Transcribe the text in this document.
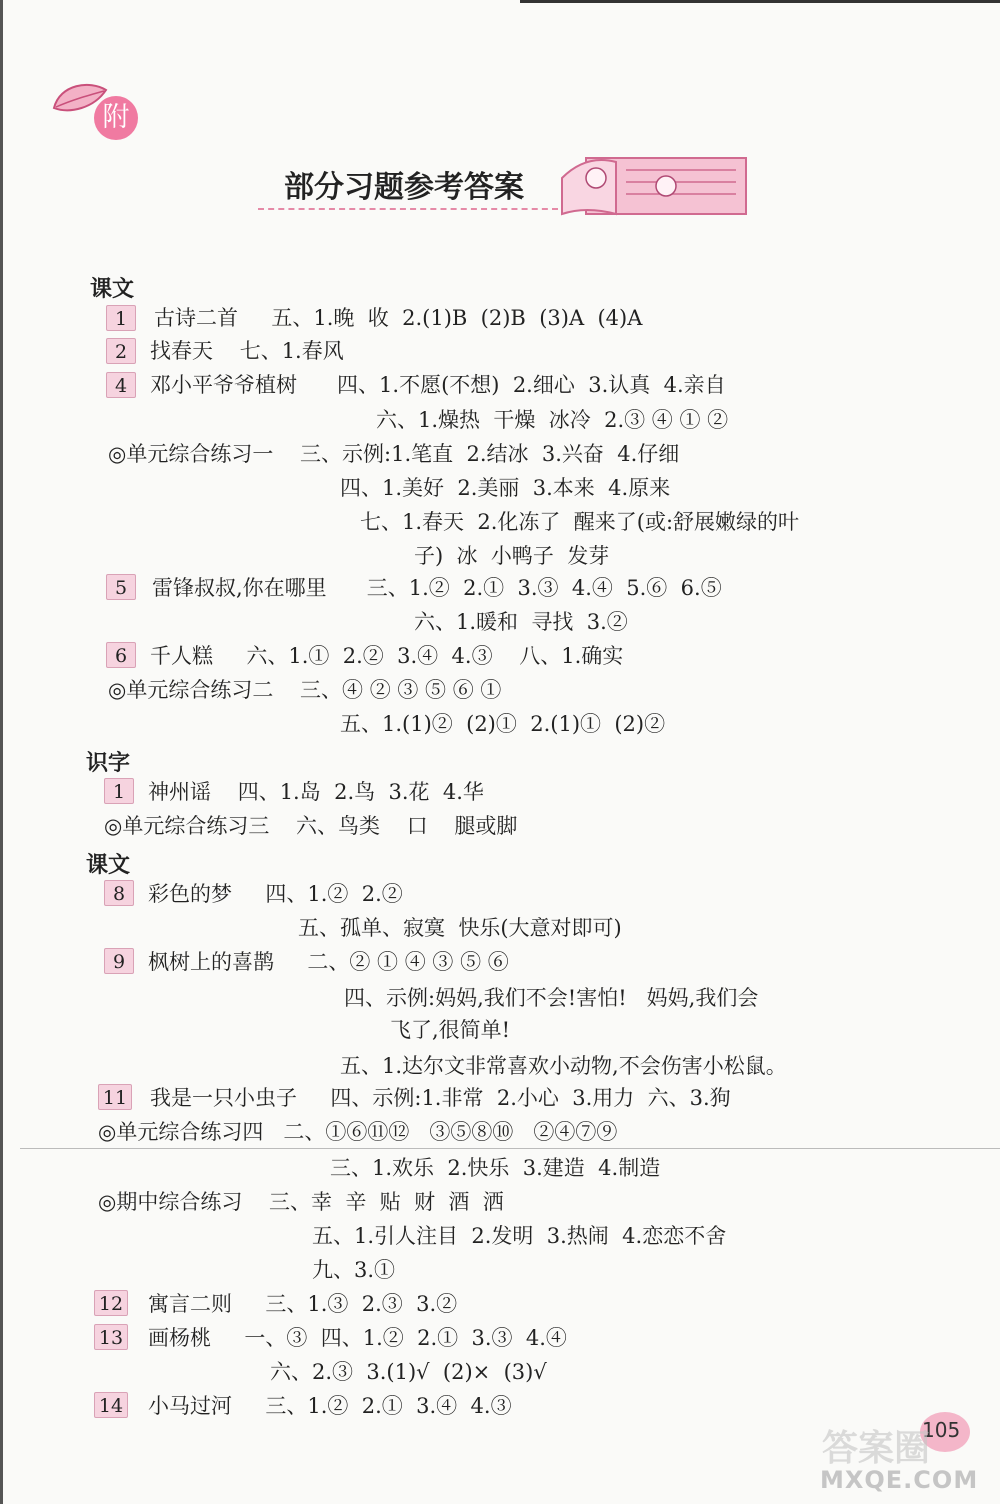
附
部分习题参考答案
课文
1	古诗二首     五、1.晚  收  2.(1)B  (2)B  (3)A  (4)A
2	找春天    七、1.春风
4	邓小平爷爷植树      四、1.不愿(不想)  2.细心  3.认真  4.亲自
六、1.燥热  干燥  冰冷  2.③ ④ ① ②
◎单元综合练习一    三、示例:1.笔直  2.结冰  3.兴奋  4.仔细
四、1.美好  2.美丽  3.本来  4.原来
七、1.春天  2.化冻了  醒来了(或:舒展嫩绿的叶
子)  冰  小鸭子  发芽
5	雷锋叔叔,你在哪里      三、1.②  2.①  3.③  4.④  5.⑥  6.⑤
六、1.暖和  寻找  3.②
6	千人糕     六、1.①  2.②  3.④  4.③    八、1.确实
◎单元综合练习二    三、④ ② ③ ⑤ ⑥ ①
五、1.(1)②  (2)①  2.(1)①  (2)②
识字
1	神州谣    四、1.岛  2.鸟  3.花  4.华
◎单元综合练习三    六、鸟类    口    腿或脚
课文
8	彩色的梦     四、1.②  2.②
五、孤单、寂寞  快乐(大意对即可)
9	枫树上的喜鹊     二、② ① ④ ③ ⑤ ⑥
四、示例:妈妈,我们不会!害怕!   妈妈,我们会
飞了,很简单!
五、1.达尔文非常喜欢小动物,不会伤害小松鼠。
11 我是一只小虫子     四、示例:1.非常  2.小心  3.用力  六、3.狗
◎单元综合练习四   二、①⑥⑪⑫   ③⑤⑧⑩   ②④⑦⑨
三、1.欢乐  2.快乐  3.建造  4.制造
◎期中综合练习    三、幸  辛  贴  财  酒  洒
五、1.引人注目  2.发明  3.热闹  4.恋恋不舍
九、3.①
12 寓言二则     三、1.③  2.③  3.②
13 画杨桃     一、③  四、1.②  2.①  3.③  4.④
六、2.③  3.(1)√  (2)×  (3)√
14 小马过河     三、1.②  2.①  3.④  4.③
105
答案圈
MXQE.COM
